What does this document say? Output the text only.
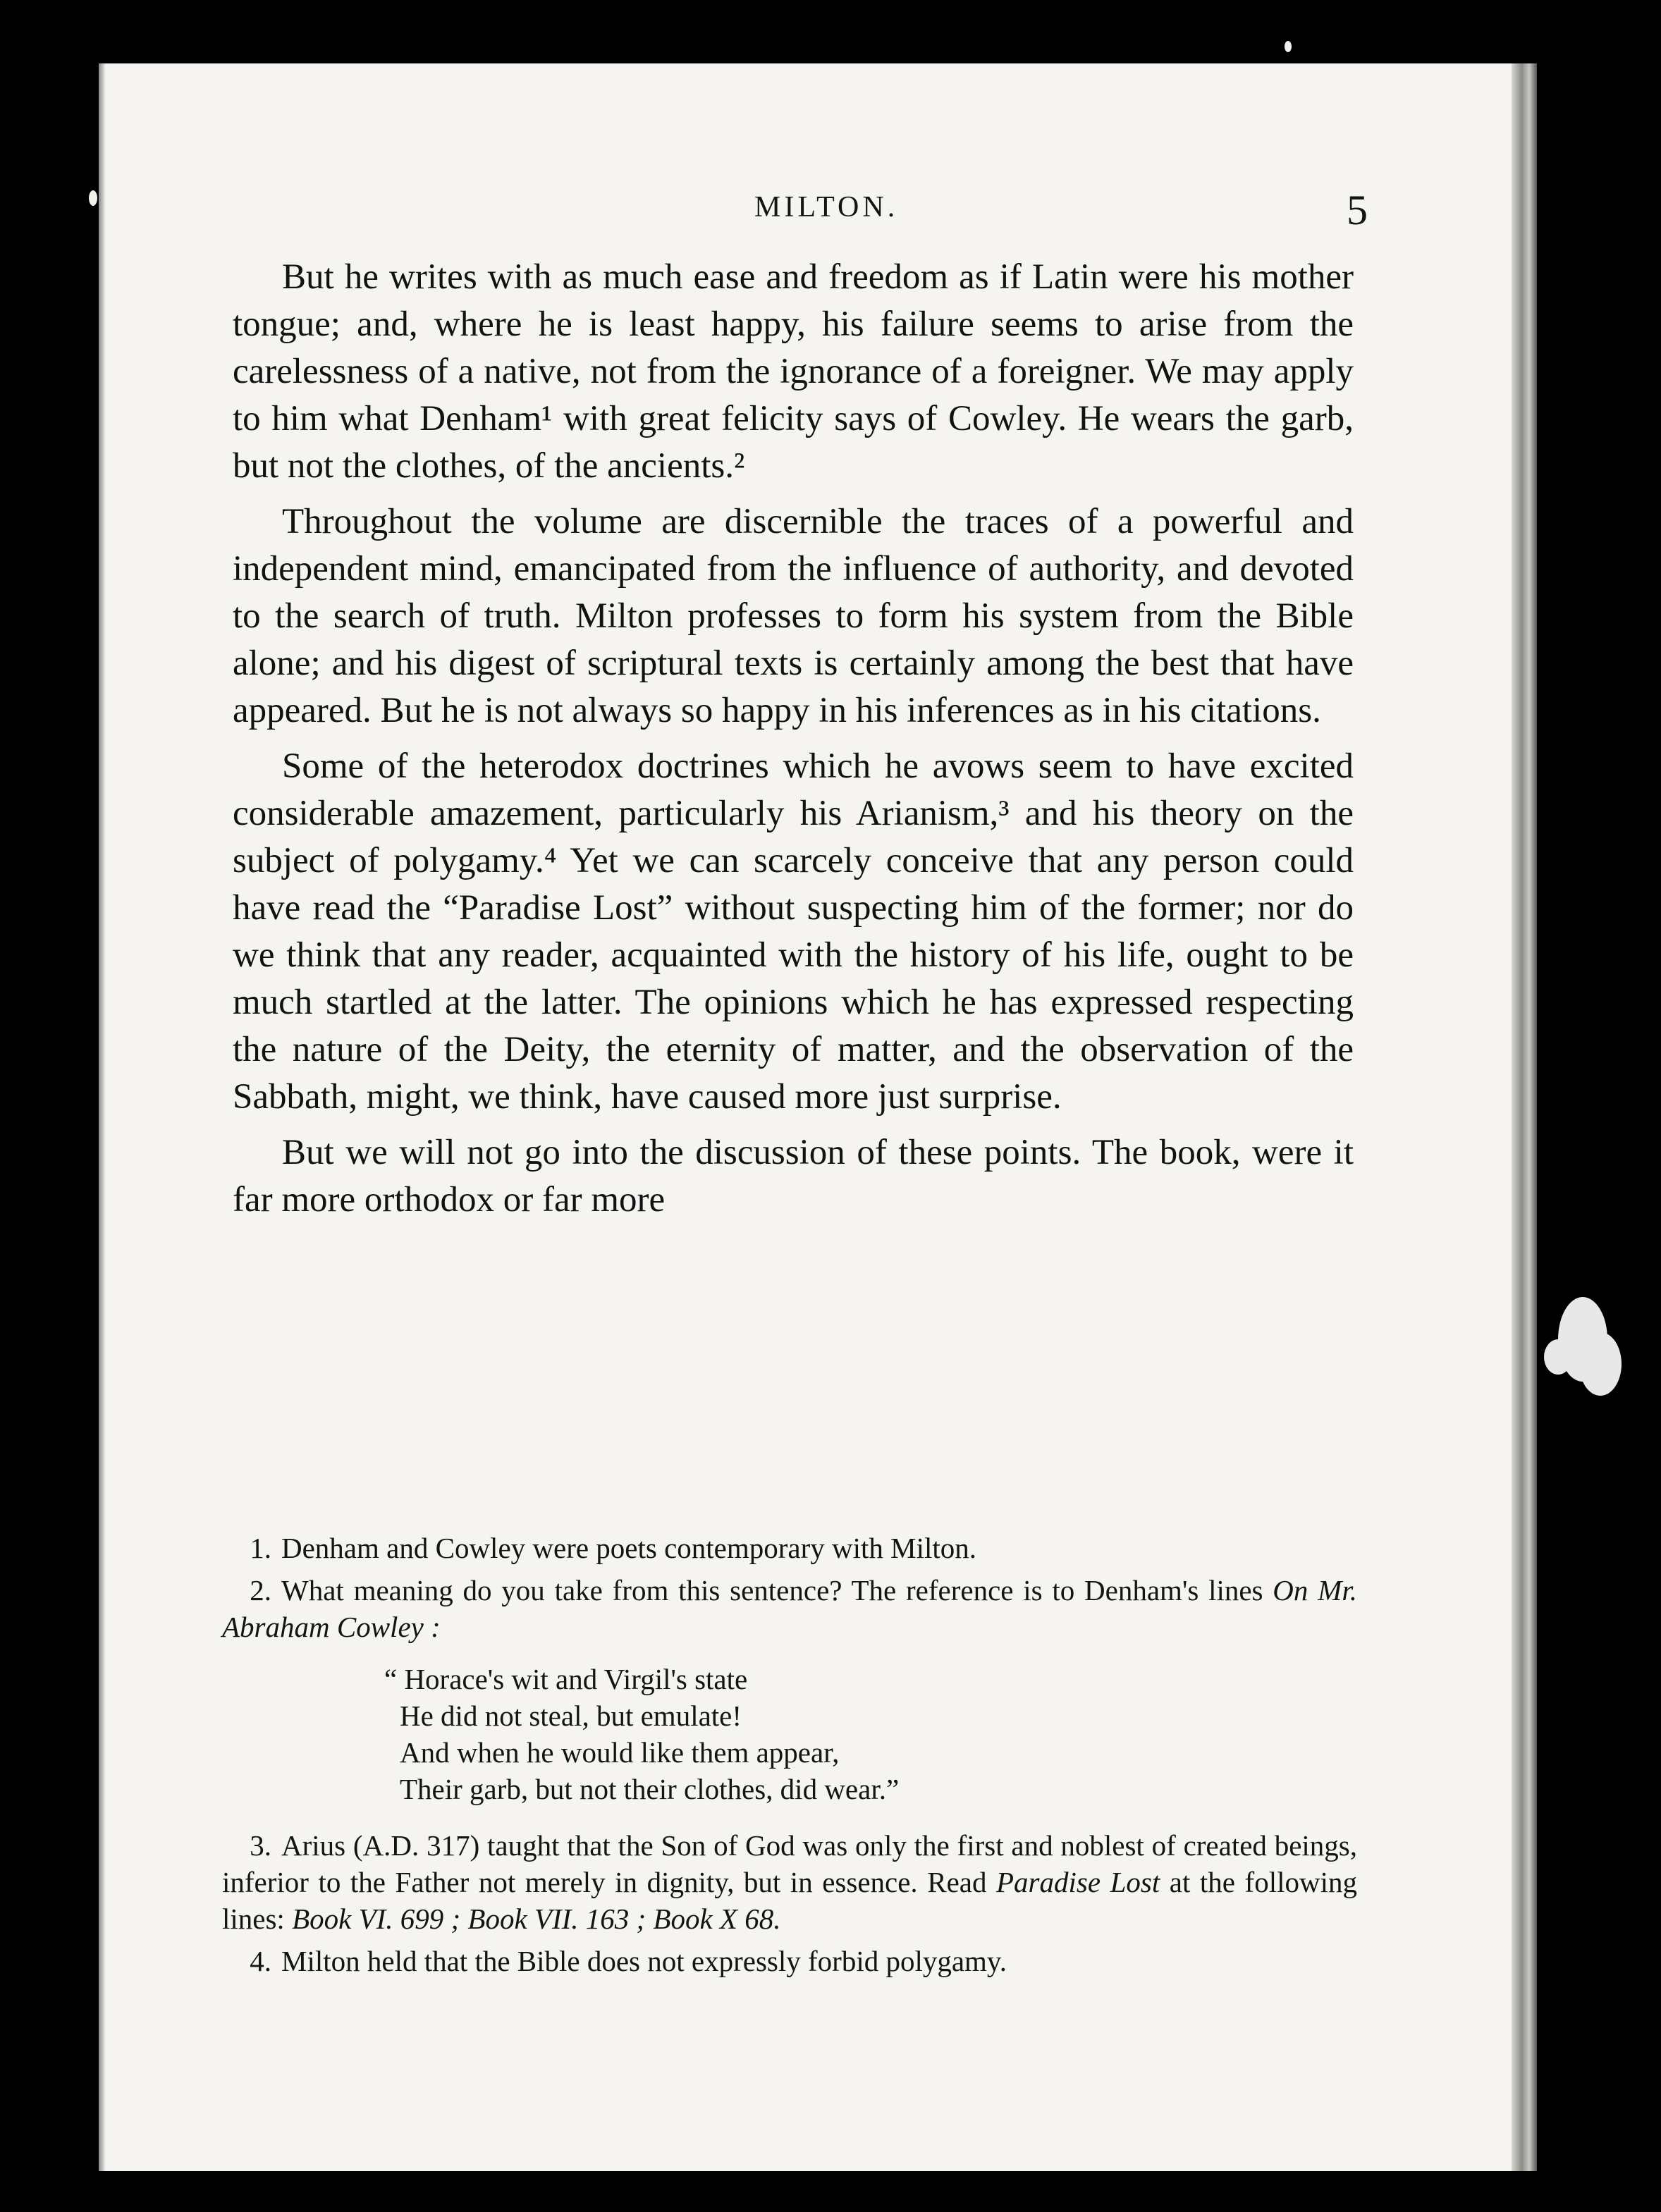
MILTON.	5

But he writes with as much ease and freedom as if Latin were his mother tongue; and, where he is least happy, his failure seems to arise from the carelessness of a native, not from the ignorance of a foreigner. We may apply to him what Denham¹ with great felicity says of Cowley. He wears the garb, but not the clothes, of the ancients.²

Throughout the volume are discernible the traces of a powerful and independent mind, emancipated from the influence of authority, and devoted to the search of truth. Milton professes to form his system from the Bible alone; and his digest of scriptural texts is certainly among the best that have appeared. But he is not always so happy in his inferences as in his citations.

Some of the heterodox doctrines which he avows seem to have excited considerable amazement, particularly his Arianism,³ and his theory on the subject of polygamy.⁴ Yet we can scarcely conceive that any person could have read the “Paradise Lost” without suspecting him of the former; nor do we think that any reader, acquainted with the history of his life, ought to be much startled at the latter. The opinions which he has expressed respecting the nature of the Deity, the eternity of matter, and the observation of the Sabbath, might, we think, have caused more just surprise.

But we will not go into the discussion of these points. The book, were it far more orthodox or far more

1. Denham and Cowley were poets contemporary with Milton.

2. What meaning do you take from this sentence? The reference is to Denham's lines On Mr. Abraham Cowley :

“ Horace's wit and Virgil's state
He did not steal, but emulate!
And when he would like them appear,
Their garb, but not their clothes, did wear.”

3. Arius (A.D. 317) taught that the Son of God was only the first and noblest of created beings, inferior to the Father not merely in dignity, but in essence. Read Paradise Lost at the following lines: Book VI. 699 ; Book VII. 163 ; Book X 68.

4. Milton held that the Bible does not expressly forbid polygamy.
